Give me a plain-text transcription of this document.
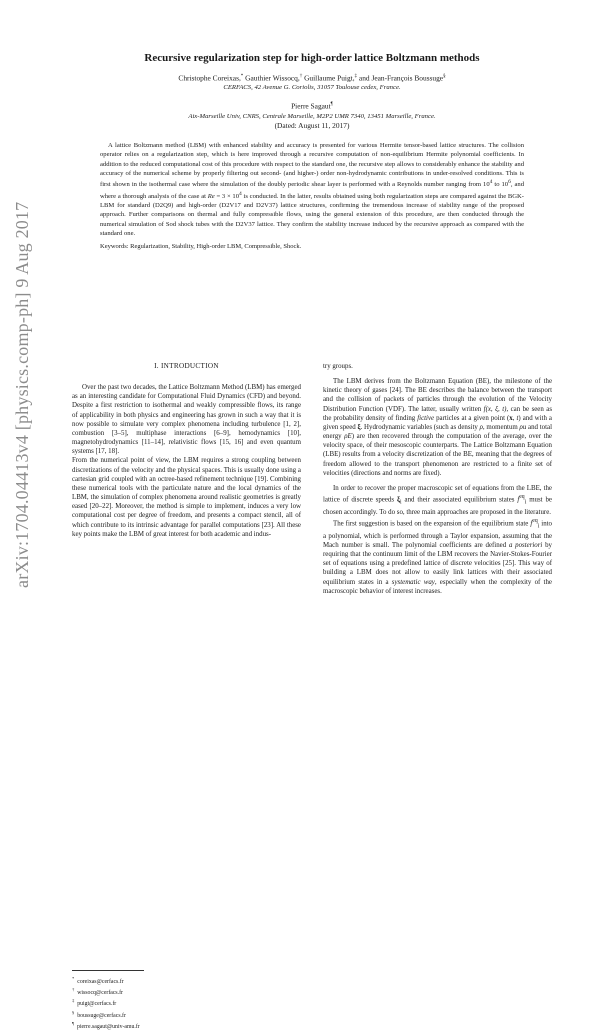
arXiv:1704.04413v4 [physics.comp-ph] 9 Aug 2017
Recursive regularization step for high-order lattice Boltzmann methods
Christophe Coreixas,* Gauthier Wissocq,† Guillaume Puigt,‡ and Jean-François Boussuge§
CERFACS, 42 Avenue G. Coriolis, 31057 Toulouse cedex, France.
Pierre Sagaut¶
Aix-Marseille Univ, CNRS, Centrale Marseille, M2P2 UMR 7340, 13451 Marseille, France.
(Dated: August 11, 2017)
A lattice Boltzmann method (LBM) with enhanced stability and accuracy is presented for various Hermite tensor-based lattice structures. The collision operator relies on a regularization step, which is here improved through a recursive computation of non-equilibrium Hermite polynomial coefficients. In addition to the reduced computational cost of this procedure with respect to the standard one, the recursive step allows to considerably enhance the stability and accuracy of the numerical scheme by properly filtering out second- (and higher-) order non-hydrodynamic contributions in under-resolved conditions. This is first shown in the isothermal case where the simulation of the doubly periodic shear layer is performed with a Reynolds number ranging from $10^4$ to $10^6$, and where a thorough analysis of the case at $Re = 3 \times 10^4$ is conducted. In the latter, results obtained using both regularization steps are compared against the BGK-LBM for standard (D2Q9) and high-order (D2V17 and D2V37) lattice structures, confirming the tremendous increase of stability range of the proposed approach. Further comparisons on thermal and fully compressible flows, using the general extension of this procedure, are then conducted through the numerical simulation of Sod shock tubes with the D2V37 lattice. They confirm the stability increase induced by the recursive approach as compared with the standard one.
Keywords: Regularization, Stability, High-order LBM, Compressible, Shock.
I. INTRODUCTION

Over the past two decades, the Lattice Boltzmann Method (LBM) has emerged as an interesting candidate for Computational Fluid Dynamics (CFD) and beyond. Despite a first restriction to isothermal and weakly compressible flows, its range of applicability in both physics and engineering has grown in such a way that it is now possible to simulate very complex phenomena including turbulence [1, 2], combustion [3–5], multiphase interactions [6–9], hemodynamics [10], magnetohydrodynamics [11–14], relativistic flows [15, 16] and even quantum systems [17, 18].

From the numerical point of view, the LBM requires a strong coupling between discretizations of the velocity and the physical spaces. This is usually done using a cartesian grid coupled with an octree-based refinement technique [19]. Combining these numerical tools with the particulate nature and the local dynamics of the LBM, the simulation of complex phenomena around realistic geometries is greatly eased [20–22]. Moreover, the method is simple to implement, induces a very low computational cost per degree of freedom, and presents a compact stencil, all of which contribute to its intrinsic advantage for parallel computations [23]. All these key points make the LBM of great interest for both academic and indus-

try groups.

The LBM derives from the Boltzmann Equation (BE), the milestone of the kinetic theory of gases [24]. The BE describes the balance between the transport and the collision of packets of particles through the evolution of the Velocity Distribution Function (VDF). The latter, usually written f(x, ξ, t), can be seen as the probability density of finding fictive particles at a given point (x, t) and with a given speed ξ. Hydrodynamic variables (such as density ρ, momentum ρu and total energy ρE) are then recovered through the computation of the average, over the velocity space, of their mesoscopic counterparts. The Lattice Boltzmann Equation (LBE) results from a velocity discretization of the BE, meaning that the degrees of freedom allowed to the transport phenomenon are restricted to a finite set of velocities (directions and norms are fixed).

In order to recover the proper macroscopic set of equations from the LBE, the lattice of discrete speeds $\xi_i$ and their associated equilibrium states $f^{eq}_i$ must be chosen accordingly. To do so, three main approaches are proposed in the literature.

The first suggestion is based on the expansion of the equilibrium state $f^{eq}_i$ into a polynomial, which is performed through a Taylor expansion, assuming that the Mach number is small. The polynomial coefficients are defined a posteriori by requiring that the continuum limit of the LBM recovers the Navier-Stokes-Fourier set of equations using a predefined lattice of discrete velocities [25]. This way of building a LBM does not allow to easily link lattices with their associated equilibrium states in a systematic way, especially when the complexity of the macroscopic behavior of interest increases.

*coreixas@cerfacs.fr
†wissocq@cerfacs.fr
‡puigt@cerfacs.fr
§boussuge@cerfacs.fr
¶pierre.sagaut@univ-amu.fr
